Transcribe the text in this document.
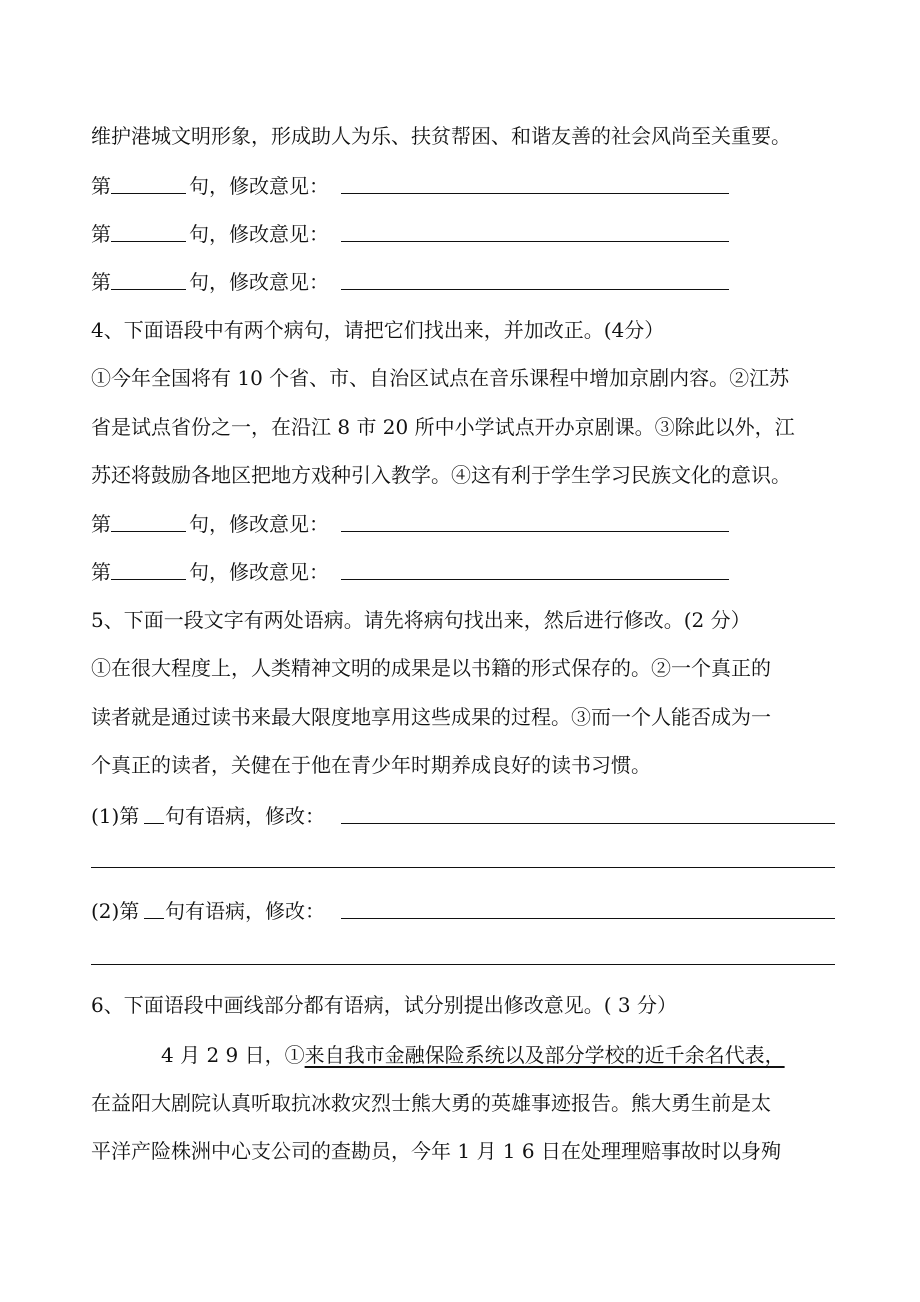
维护港城文明形象，形成助人为乐、扶贫帮困、和谐友善的社会风尚至关重要。
第	句，修改意见：
第	句，修改意见：
第	句，修改意见：
4、下面语段中有两个病句，请把它们找出来，并加改正。(4分）
①今年全国将有 10 个省、市、自治区试点在音乐课程中增加京剧内容。②江苏
省是试点省份之一，在沿江 8 市 20 所中小学试点开办京剧课。③除此以外，江
苏还将鼓励各地区把地方戏种引入教学。④这有利于学生学习民族文化的意识。
第	句，修改意见：
第	句，修改意见：
5、下面一段文字有两处语病。请先将病句找出来，然后进行修改。(2 分）
①在很大程度上，人类精神文明的成果是以书籍的形式保存的。②一个真正的
读者就是通过读书来最大限度地享用这些成果的过程。③而一个人能否成为一
个真正的读者，关健在于他在青少年时期养成良好的读书习惯。
(1)第 句有语病，修改：
(2)第 句有语病，修改：
6、下面语段中画线部分都有语病，试分别提出修改意见。( 3 分）
4 月 2 9 日，①来自我市金融保险系统以及部分学校的近千余名代表，
在益阳大剧院认真听取抗冰救灾烈士熊大勇的英雄事迹报告。熊大勇生前是太
平洋产险株洲中心支公司的查勘员，今年 1 月 1 6 日在处理理赔事故时以身殉
